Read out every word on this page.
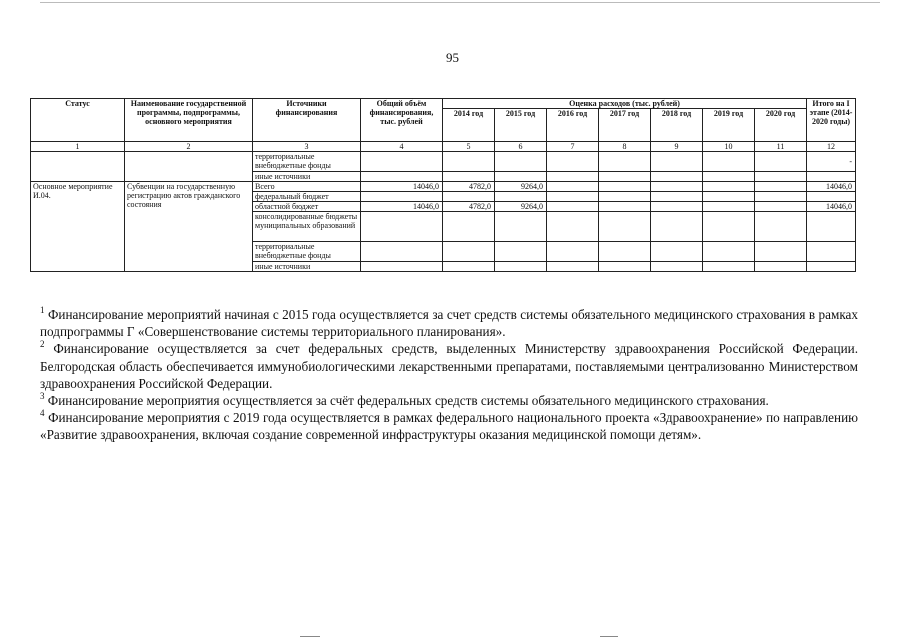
95
Статус	Наименование государственной программы, подпрограммы, основного мероприятия	Источники финансирования	Общий объём финансирования, тыс. рублей	Оценка расходов (тыс. рублей)							Итого на I этапе (2014-2020 годы)
				2014 год	2015 год	2016 год	2017 год	2018 год	2019 год	2020 год	
1	2	3	4	5	6	7	8	9	10	11	12
		территориальные внебюджетные фонды									-
		иные источники									
Основное мероприятие И.04.	Субвенции на государственную регистрацию актов гражданского состояния	Всего	14046,0	4782,0	9264,0						14046,0
		федеральный бюджет									
		областной бюджет	14046,0	4782,0	9264,0						14046,0
		консолидированные бюджеты муниципальных образований									
		территориальные внебюджетные фонды									
		иные источники									

$^1$ Финансирование мероприятий начиная с 2015 года осуществляется за счет средств системы обязательного медицинского страхования в рамках подпрограммы Г «Совершенствование системы территориального планирования».

$^2$ Финансирование осуществляется за счет федеральных средств, выделенных Министерству здравоохранения Российской Федерации. Белгородская область обеспечивается иммунобиологическими лекарственными препаратами, поставляемыми централизованно Министерством здравоохранения Российской Федерации.

$^3$ Финансирование мероприятия осуществляется за счёт федеральных средств системы обязательного медицинского страхования.

$^4$ Финансирование мероприятия с 2019 года осуществляется в рамках федерального национального проекта «Здравоохранение» по направлению «Развитие здравоохранения, включая создание современной инфраструктуры оказания медицинской помощи детям».
